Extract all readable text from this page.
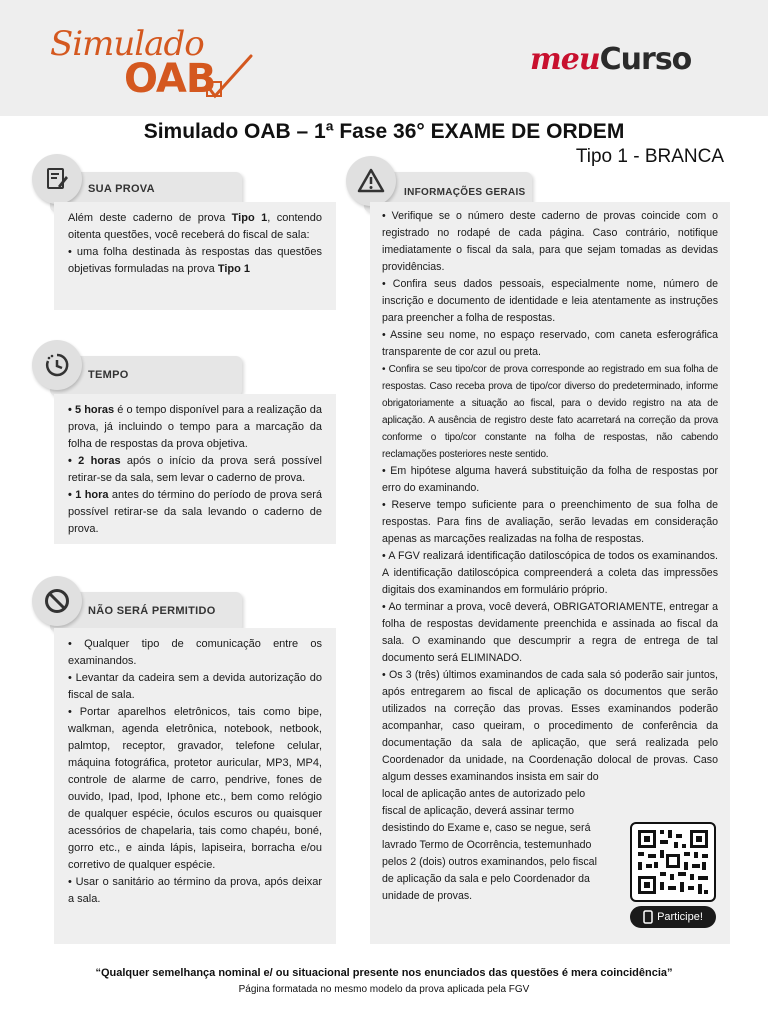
Simulado
OAB	meuCurso
Simulado OAB – 1ª Fase 36° EXAME DE ORDEM
Tipo 1 - BRANCA
SUA PROVA

Além deste caderno de prova Tipo 1, contendo oitenta questões, você receberá do fiscal de sala:

• uma folha destinada às respostas das questões objetivas formuladas na prova Tipo 1

TEMPO

• 5 horas é o tempo disponível para a realização da prova, já incluindo o tempo para a marcação da folha de respostas da prova objetiva.

• 2 horas após o início da prova será possível retirar-se da sala, sem levar o caderno de prova.

• 1 hora antes do término do período de prova será possível retirar-se da sala levando o caderno de prova.

NÃO SERÁ PERMITIDO

• Qualquer tipo de comunicação entre os examinandos.

• Levantar da cadeira sem a devida autorização do fiscal de sala.

• Portar aparelhos eletrônicos, tais como bipe, walkman, agenda eletrônica, notebook, netbook, palmtop, receptor, gravador, telefone celular, máquina fotográfica, protetor auricular, MP3, MP4, controle de alarme de carro, pendrive, fones de ouvido, Ipad, Ipod, Iphone etc., bem como relógio de qualquer espécie, óculos escuros ou quaisquer acessórios de chapelaria, tais como chapéu, boné, gorro etc., e ainda lápis, lapiseira, borracha e/ou corretivo de qualquer espécie.

• Usar o sanitário ao término da prova, após deixar a sala.

INFORMAÇÕES GERAIS

• Verifique se o número deste caderno de provas coincide com o registrado no rodapé de cada página. Caso contrário, notifique imediatamente o fiscal da sala, para que sejam tomadas as devidas providências.

• Confira seus dados pessoais, especialmente nome, número de inscrição e documento de identidade e leia atentamente as instruções para preencher a folha de respostas.

• Assine seu nome, no espaço reservado, com caneta esferográfica transparente de cor azul ou preta.

• Confira se seu tipo/cor de prova corresponde ao registrado em sua folha de respostas. Caso receba prova de tipo/cor diverso do predeterminado, informe obrigatoriamente a situação ao fiscal, para o devido registro na ata de aplicação. A ausência de registro deste fato acarretará na correção da prova conforme o tipo/cor constante na folha de respostas, não cabendo reclamações posteriores neste sentido.

• Em hipótese alguma haverá substituição da folha de respostas por erro do examinando.

• Reserve tempo suficiente para o preenchimento de sua folha de respostas. Para fins de avaliação, serão levadas em consideração apenas as marcações realizadas na folha de respostas.

• A FGV realizará identificação datiloscópica de todos os examinandos. A identificação datiloscópica compreenderá a coleta das impressões digitais dos examinandos em formulário próprio.

• Ao terminar a prova, você deverá, OBRIGATORIAMENTE, entregar a folha de respostas devidamente preenchida e assinada ao fiscal da sala. O examinando que descumprir a regra de entrega de tal documento será ELIMINADO.

• Os 3 (três) últimos examinandos de cada sala só poderão sair juntos, após entregarem ao fiscal de aplicação os documentos que serão utilizados na correção das provas. Esses examinandos poderão acompanhar, caso queiram, o procedimento de conferência da documentação da sala de aplicação, que será realizada pelo Coordenador da unidade, na Coordenação dolocal de provas. Caso algum desses examinandos insista em sair do

local de aplicação antes de autorizado pelo

fiscal de aplicação, deverá assinar termo

desistindo do Exame e, caso se negue, será

lavrado Termo de Ocorrência, testemunhado

pelos 2 (dois) outros examinandos, pelo fiscal

de aplicação da sala e pelo Coordenador da

unidade de provas.

Participe!
“Qualquer semelhança nominal e/ ou situacional presente nos enunciados das questões é mera coincidência”
Página formatada no mesmo modelo da prova aplicada pela FGV
